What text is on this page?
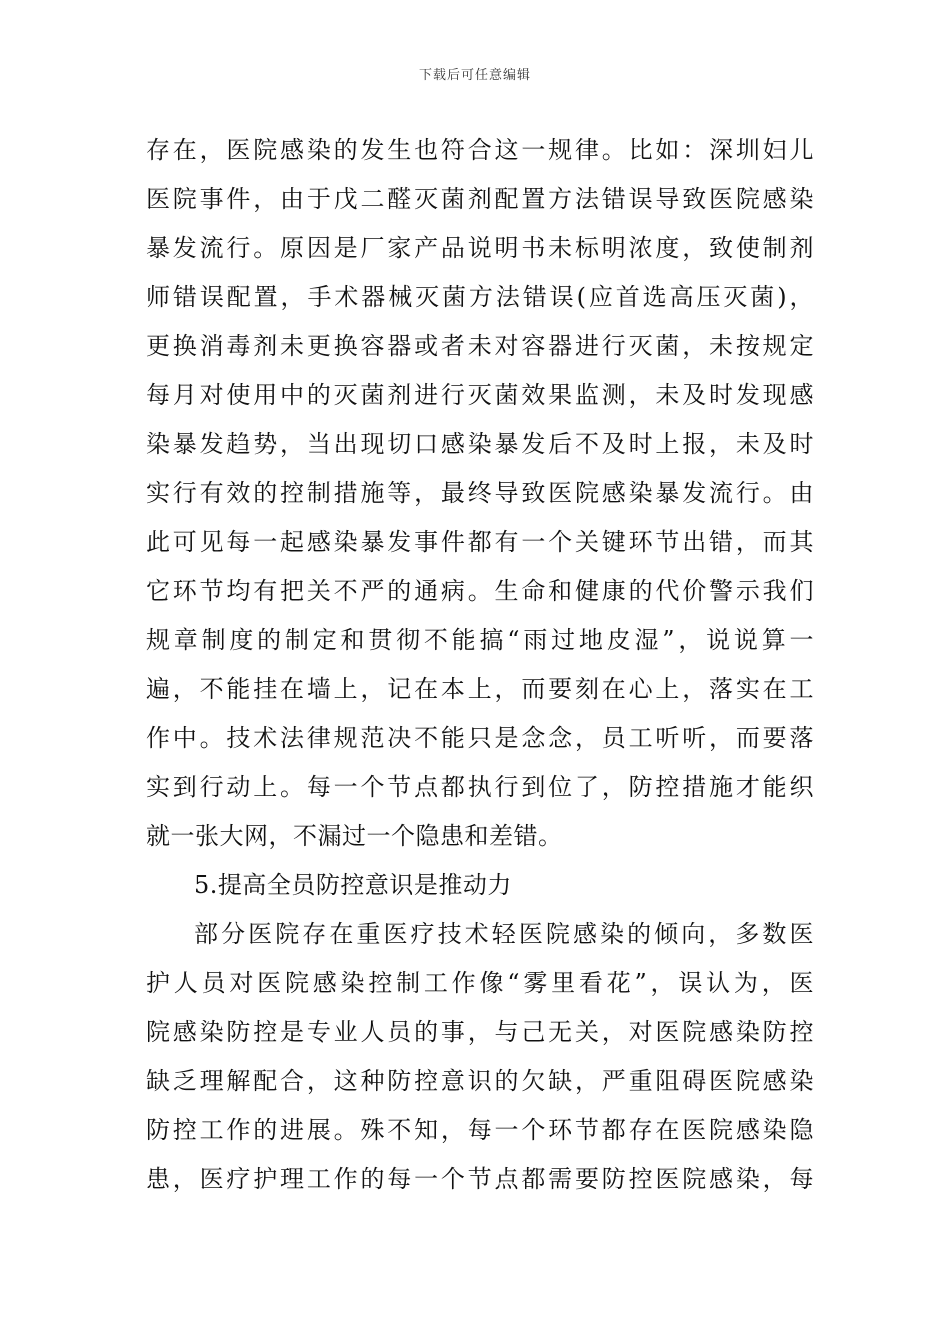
下载后可任意编辑
存在，医院感染的发生也符合这一规律。比如：深圳妇儿
医院事件，由于戊二醛灭菌剂配置方法错误导致医院感染
暴发流行。原因是厂家产品说明书未标明浓度，致使制剂
师错误配置，手术器械灭菌方法错误(应首选高压灭菌)，
更换消毒剂未更换容器或者未对容器进行灭菌，未按规定
每月对使用中的灭菌剂进行灭菌效果监测，未及时发现感
染暴发趋势，当出现切口感染暴发后不及时上报，未及时
实行有效的控制措施等，最终导致医院感染暴发流行。由
此可见每一起感染暴发事件都有一个关键环节出错，而其
它环节均有把关不严的通病。生命和健康的代价警示我们
规章制度的制定和贯彻不能搞“雨过地皮湿”，说说算一
遍，不能挂在墙上，记在本上，而要刻在心上，落实在工
作中。技术法律规范决不能只是念念，员工听听，而要落
实到行动上。每一个节点都执行到位了，防控措施才能织
就一张大网，不漏过一个隐患和差错。
5.提高全员防控意识是推动力
部分医院存在重医疗技术轻医院感染的倾向，多数医
护人员对医院感染控制工作像“雾里看花”，误认为，医
院感染防控是专业人员的事，与己无关，对医院感染防控
缺乏理解配合，这种防控意识的欠缺，严重阻碍医院感染
防控工作的进展。殊不知，每一个环节都存在医院感染隐
患，医疗护理工作的每一个节点都需要防控医院感染，每
